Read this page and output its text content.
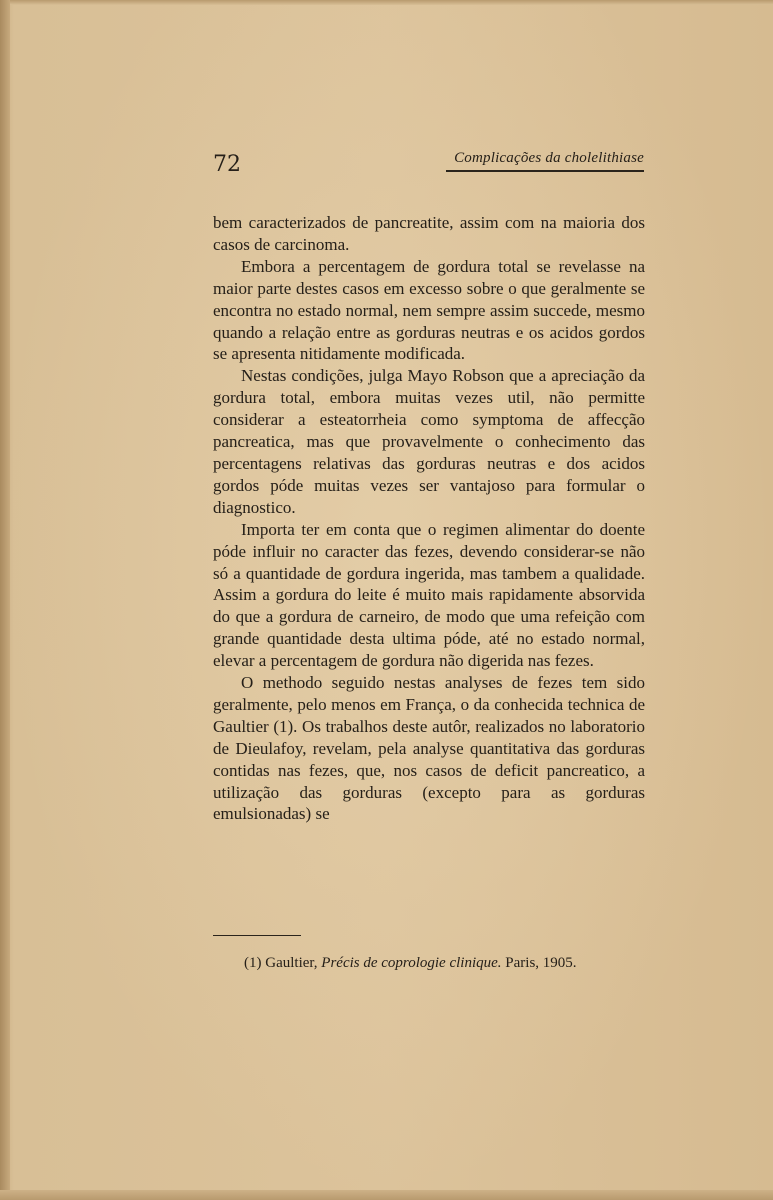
72	Complicações da cholelithiase

bem caracterizados de pancreatite, assim com na maioria dos casos de carcinoma.

Embora a percentagem de gordura total se revelasse na maior parte destes casos em excesso sobre o que geralmente se encontra no estado normal, nem sempre assim succede, mesmo quando a relação entre as gorduras neutras e os acidos gordos se apresenta nitidamente modificada.

Nestas condições, julga Mayo Robson que a apreciação da gordura total, embora muitas vezes util, não permitte considerar a esteatorrheia como symptoma de affecção pancreatica, mas que provavelmente o conhecimento das percentagens relativas das gorduras neutras e dos acidos gordos póde muitas vezes ser vantajoso para formular o diagnostico.

Importa ter em conta que o regimen alimentar do doente póde influir no caracter das fezes, devendo considerar-se não só a quantidade de gordura ingerida, mas tambem a qualidade. Assim a gordura do leite é muito mais rapidamente absorvida do que a gordura de carneiro, de modo que uma refeição com grande quantidade desta ultima póde, até no estado normal, elevar a percentagem de gordura não digerida nas fezes.

O methodo seguido nestas analyses de fezes tem sido geralmente, pelo menos em França, o da conhecida technica de Gaultier (1). Os trabalhos deste autôr, realizados no laboratorio de Dieulafoy, revelam, pela analyse quantitativa das gorduras contidas nas fezes, que, nos casos de deficit pancreatico, a utilização das gorduras (excepto para as gorduras emulsionadas) se

(1) Gaultier, Précis de coprologie clinique. Paris, 1905.
